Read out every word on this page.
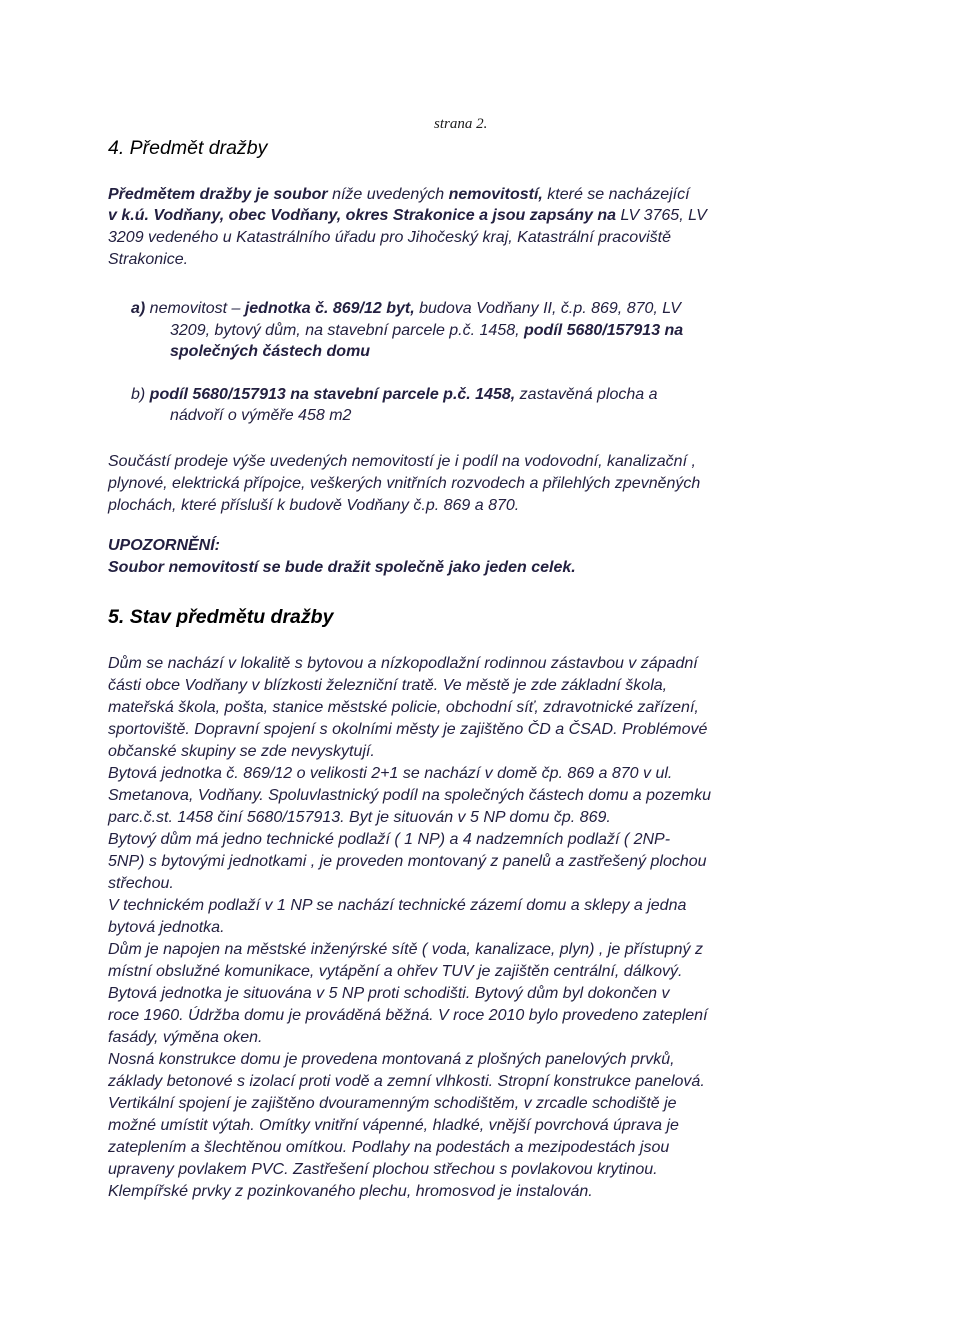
strana 2.
4. Předmět dražby
Předmětem dražby je soubor níže uvedených nemovitostí, které se nacházející
v k.ú. Vodňany, obec Vodňany, okres Strakonice a jsou zapsány na LV 3765, LV
3209 vedeného u Katastrálního úřadu pro Jihočeský kraj, Katastrální pracoviště
Strakonice.
a) nemovitost – jednotka č. 869/12 byt, budova Vodňany II, č.p. 869, 870, LV
3209, bytový dům, na stavební parcele p.č. 1458, podíl 5680/157913 na
společných částech domu
b) podíl 5680/157913 na stavební parcele p.č. 1458, zastavěná plocha a
nádvoří o výměře 458 m2
Součástí prodeje výše uvedených nemovitostí je i podíl na vodovodní, kanalizační ,
plynové, elektrická přípojce, veškerých vnitřních rozvodech a přilehlých zpevněných
plochách, které přísluší k budově Vodňany č.p. 869 a 870.
UPOZORNĚNÍ:
Soubor nemovitostí se bude dražit společně jako jeden celek.
5. Stav předmětu dražby
Dům se nachází v lokalitě s bytovou a nízkopodlažní rodinnou zástavbou v západní
části obce Vodňany v blízkosti železniční tratě. Ve městě je zde základní škola,
mateřská škola, pošta, stanice městské policie, obchodní síť, zdravotnické zařízení,
sportoviště. Dopravní spojení s okolními městy je zajištěno ČD a ČSAD. Problémové
občanské skupiny se zde nevyskytují.
Bytová jednotka č. 869/12 o velikosti 2+1 se nachází v domě čp. 869 a 870 v ul.
Smetanova, Vodňany. Spoluvlastnický podíl na společných částech domu a pozemku
parc.č.st. 1458 činí 5680/157913. Byt je situován v 5 NP domu čp. 869.
Bytový dům má jedno technické podlaží ( 1 NP) a 4 nadzemních podlaží ( 2NP-
5NP) s bytovými jednotkami , je proveden montovaný z panelů a zastřešený plochou
střechou.
V technickém podlaží v 1 NP se nachází technické zázemí domu a sklepy a jedna
bytová jednotka.
Dům je napojen na městské inženýrské sítě ( voda, kanalizace, plyn) , je přístupný z
místní obslužné komunikace, vytápění a ohřev TUV je zajištěn centrální, dálkový.
Bytová jednotka je situována v 5 NP proti schodišti. Bytový dům byl dokončen v
roce 1960. Údržba domu je prováděná běžná. V roce 2010 bylo provedeno zateplení
fasády, výměna oken.
Nosná konstrukce domu je provedena montovaná z plošných panelových prvků,
základy betonové s izolací proti vodě a zemní vlhkosti. Stropní konstrukce panelová.
Vertikální spojení je zajištěno dvouramenným schodištěm, v zrcadle schodiště je
možné umístit výtah. Omítky vnitřní vápenné, hladké, vnější povrchová úprava je
zateplením a šlechtěnou omítkou. Podlahy na podestách a mezipodestách jsou
upraveny povlakem PVC. Zastřešení plochou střechou s povlakovou krytinou.
Klempířské prvky z pozinkovaného plechu, hromosvod je instalován.
